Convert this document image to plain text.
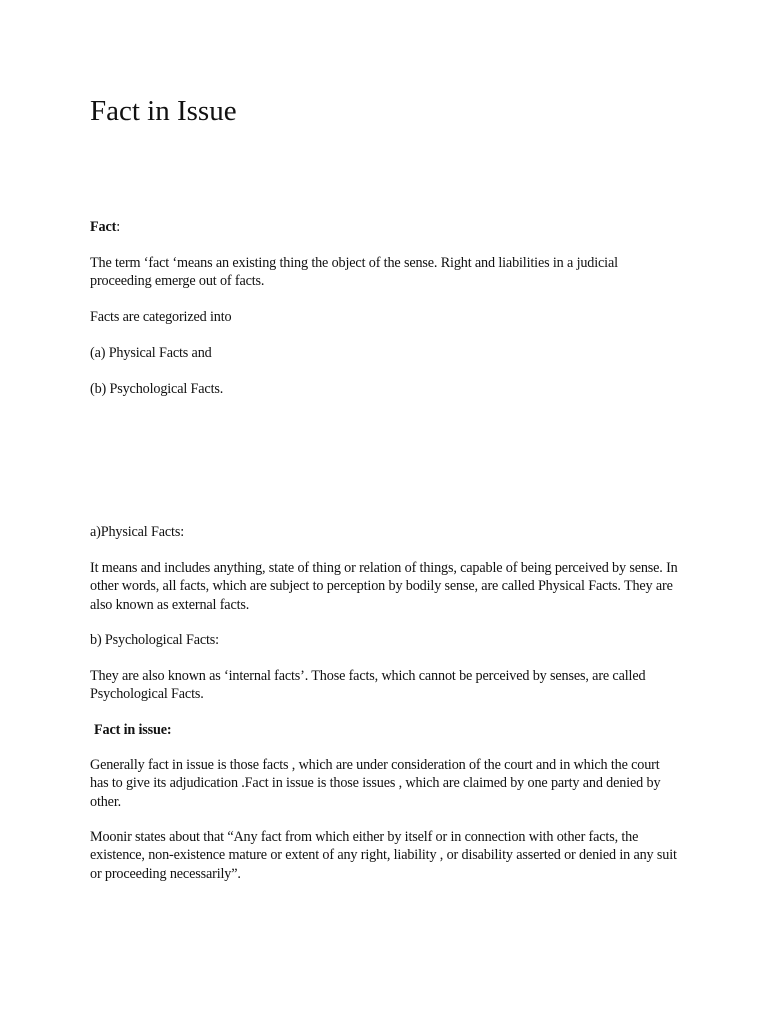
Fact in Issue

Fact:

The term ‘fact ‘means an existing thing the object of the sense. Right and liabilities in a judicial proceeding emerge out of facts.

Facts are categorized into

(a) Physical Facts and

(b) Psychological Facts.

a)Physical Facts:

It means and includes anything, state of thing or relation of things, capable of being perceived by sense. In other words, all facts, which are subject to perception by bodily sense, are called Physical Facts. They are also known as external facts.

b) Psychological Facts:

They are also known as ‘internal facts’. Those facts, which cannot be perceived by senses, are called Psychological Facts.

Fact in issue:

Generally fact in issue is those facts , which are under consideration of the court and in which the court has to give its adjudication .Fact in issue is those issues , which are claimed by one party and denied by other.

Moonir states about that “Any fact from which either by itself or in connection with other facts, the existence, non-existence mature or extent of any right, liability , or disability asserted or denied in any suit or proceeding necessarily”.
